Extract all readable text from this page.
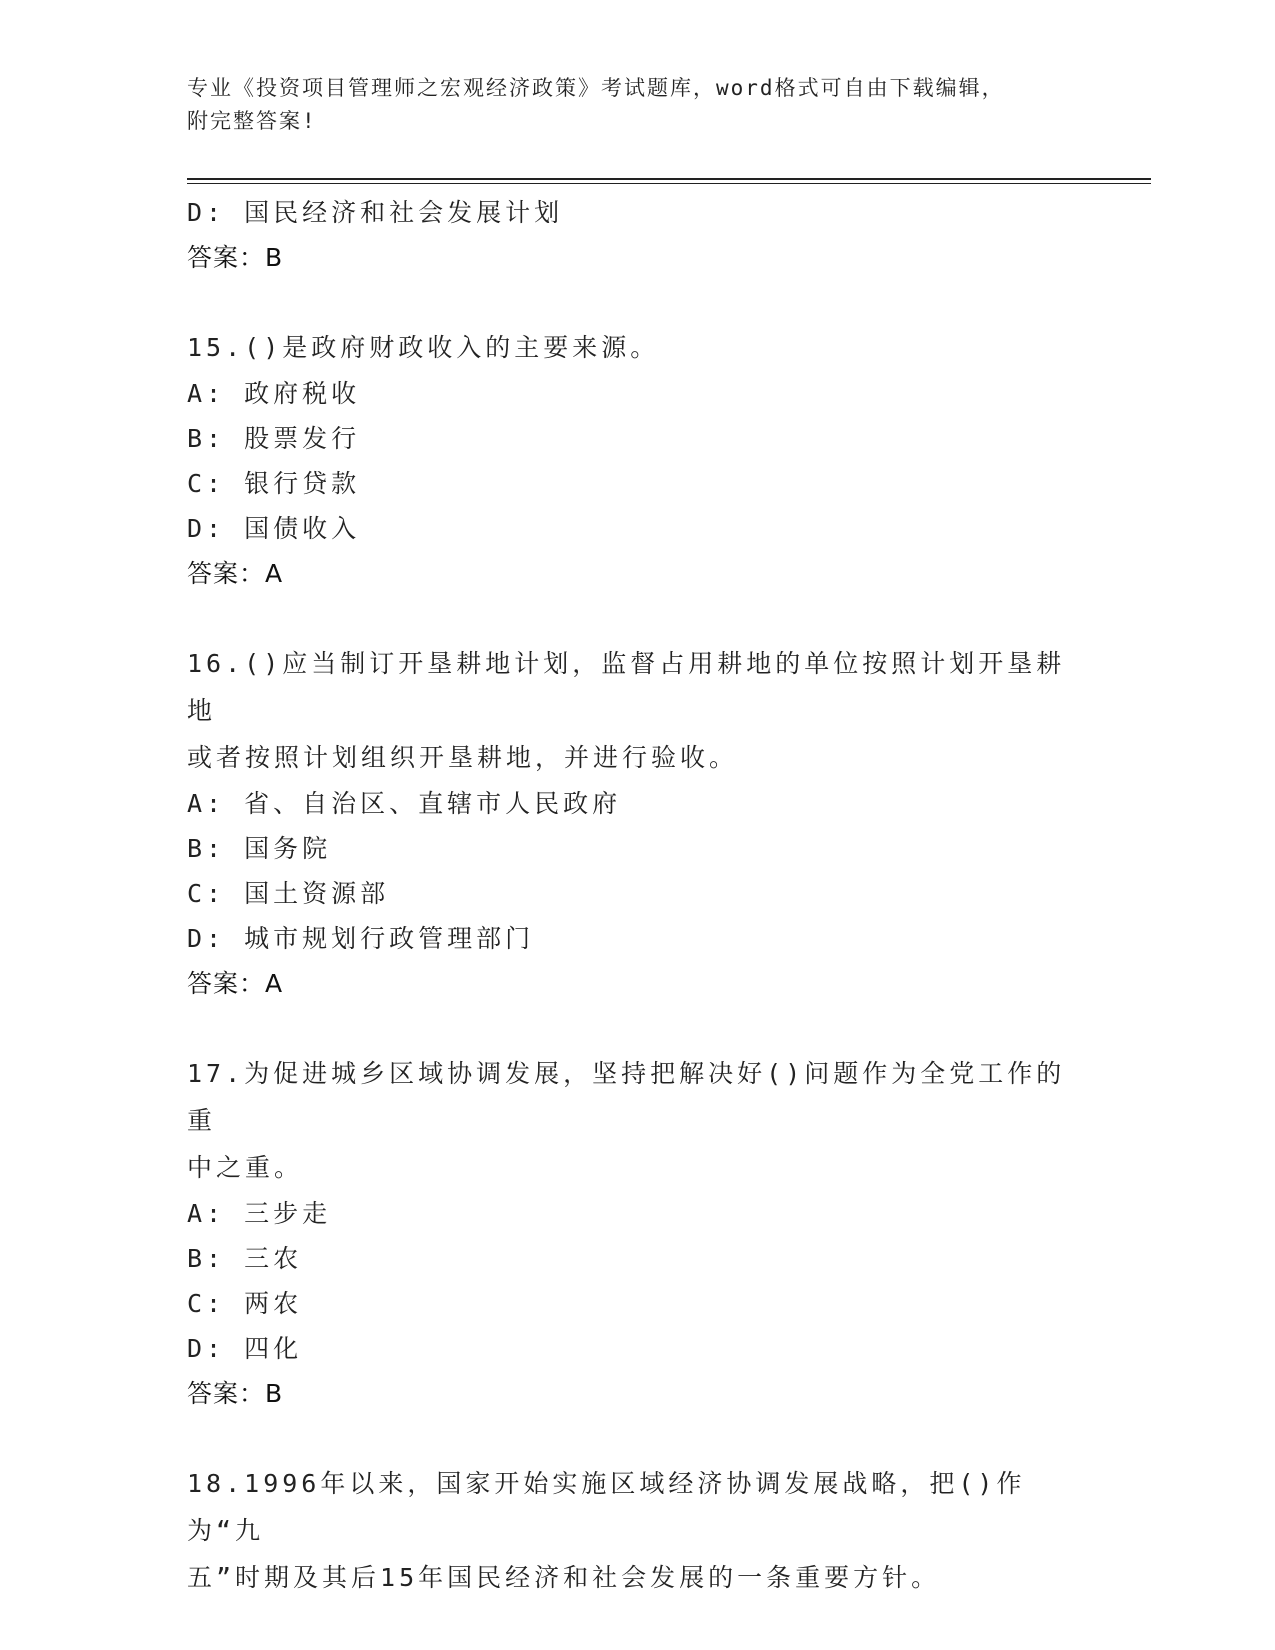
专业《投资项目管理师之宏观经济政策》考试题库，word格式可自由下载编辑，
附完整答案!
D: 国民经济和社会发展计划
答案：B
15.()是政府财政收入的主要来源。
A: 政府税收
B: 股票发行
C: 银行贷款
D: 国债收入
答案：A
16.()应当制订开垦耕地计划，监督占用耕地的单位按照计划开垦耕地
或者按照计划组织开垦耕地，并进行验收。
A: 省、自治区、直辖市人民政府
B: 国务院
C: 国土资源部
D: 城市规划行政管理部门
答案：A
17.为促进城乡区域协调发展，坚持把解决好()问题作为全党工作的重
中之重。
A: 三步走
B: 三农
C: 两农
D: 四化
答案：B
18.1996年以来，国家开始实施区域经济协调发展战略，把()作为“九
五”时期及其后15年国民经济和社会发展的一条重要方针。
